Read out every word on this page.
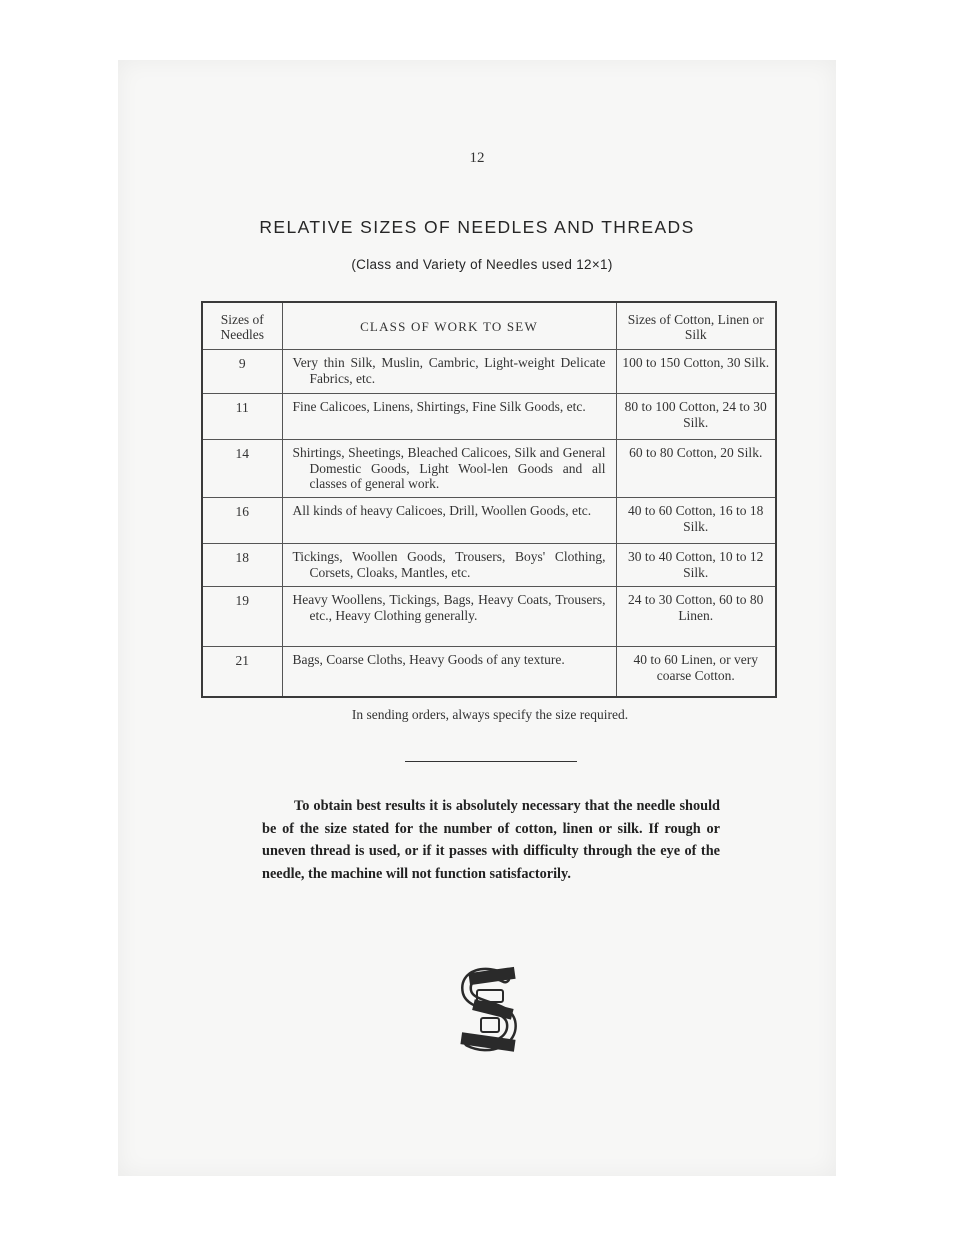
12
RELATIVE SIZES OF NEEDLES AND THREADS
(Class and Variety of Needles used 12×1)
Sizes of Needles	CLASS OF WORK TO SEW	Sizes of Cotton, Linen or Silk
9	Very thin Silk, Muslin, Cambric, Light-weight Delicate Fabrics, etc.	100 to 150 Cotton, 30 Silk.
11	Fine Calicoes, Linens, Shirtings, Fine Silk Goods, etc.	80 to 100 Cotton, 24 to 30 Silk.
14	Shirtings, Sheetings, Bleached Calicoes, Silk and General Domestic Goods, Light Wool-len Goods and all classes of general work.	60 to 80 Cotton, 20 Silk.
16	All kinds of heavy Calicoes, Drill, Woollen Goods, etc.	40 to 60 Cotton, 16 to 18 Silk.
18	Tickings, Woollen Goods, Trousers, Boys' Clothing, Corsets, Cloaks, Mantles, etc.	30 to 40 Cotton, 10 to 12 Silk.
19	Heavy Woollens, Tickings, Bags, Heavy Coats, Trousers, etc., Heavy Clothing generally.	24 to 30 Cotton, 60 to 80 Linen.
21	Bags, Coarse Cloths, Heavy Goods of any texture.	40 to 60 Linen, or very coarse Cotton.
In sending orders, always specify the size required.
To obtain best results it is absolutely necessary that the needle should be of the size stated for the number of cotton, linen or silk. If rough or uneven thread is used, or if it passes with difficulty through the eye of the needle, the machine will not function satisfactorily.
